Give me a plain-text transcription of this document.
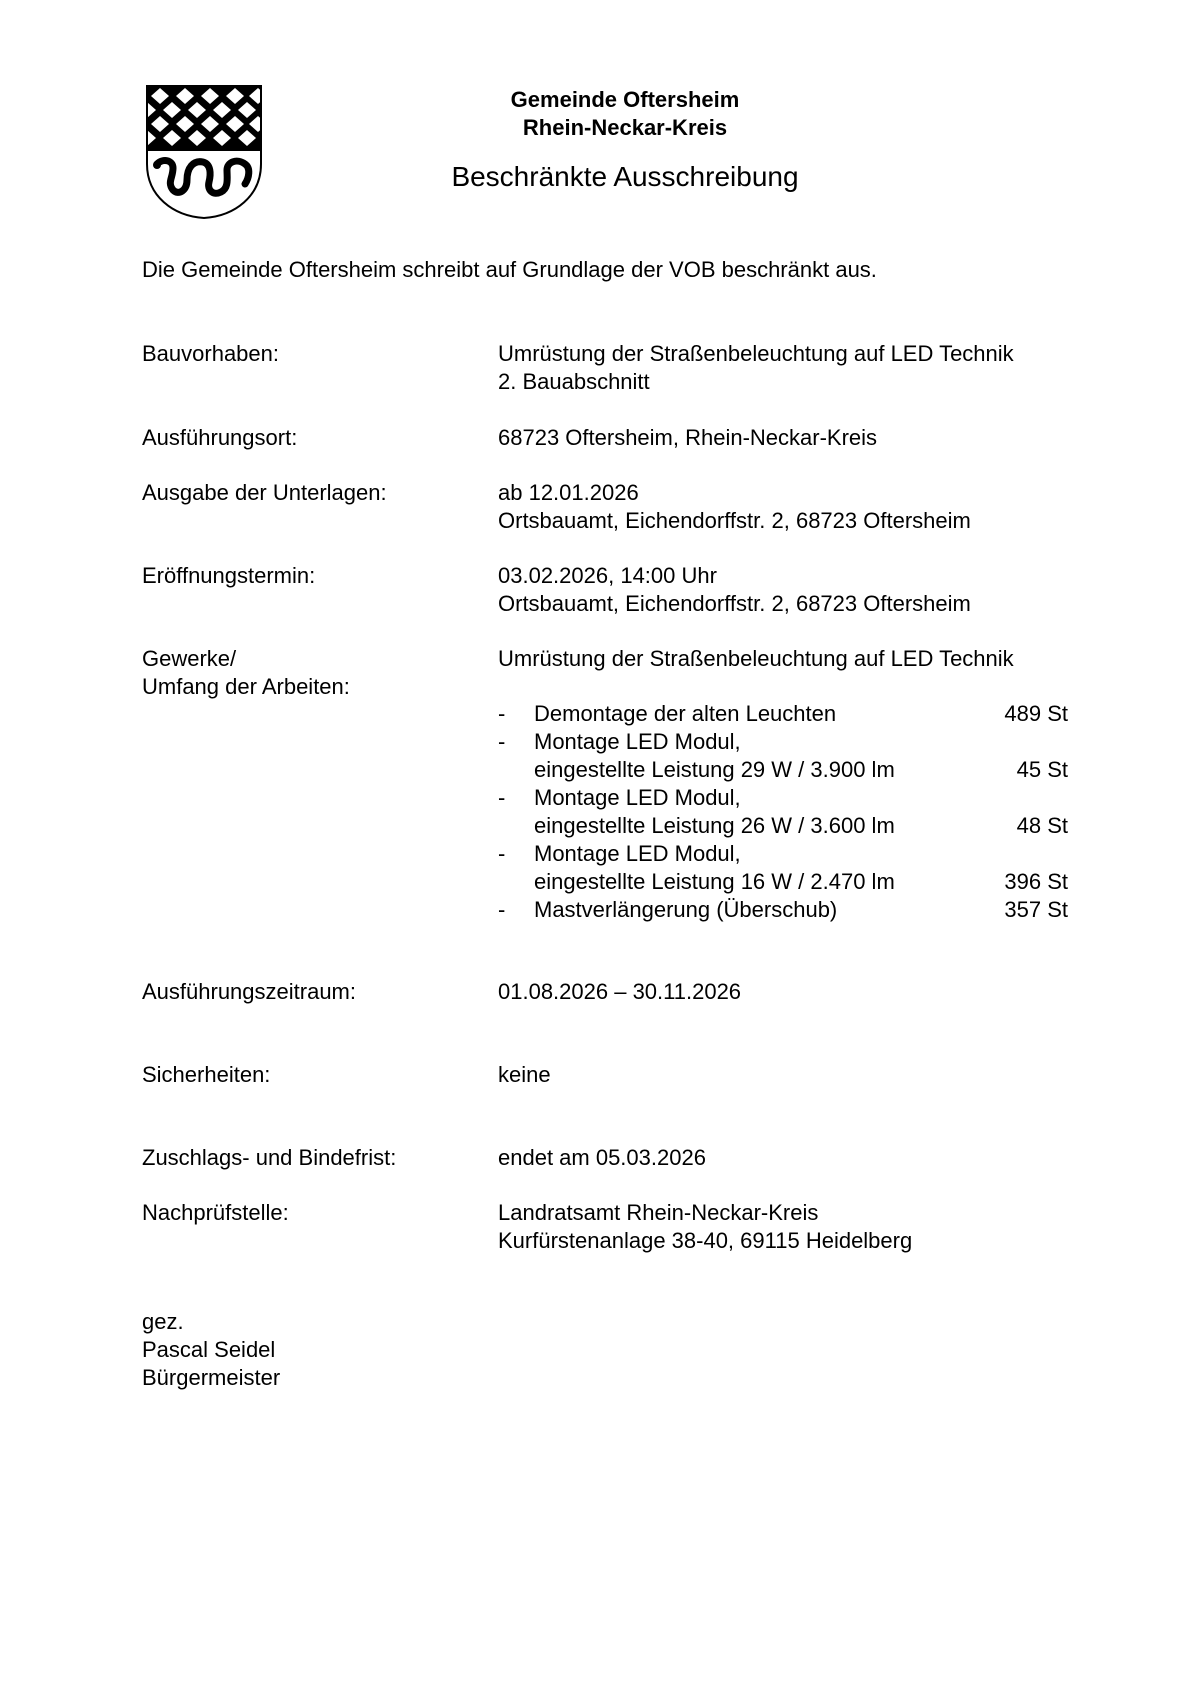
Gemeinde Oftersheim
Rhein-Neckar-Kreis
Beschränkte Ausschreibung
Die Gemeinde Oftersheim schreibt auf Grundlage der VOB beschränkt aus.
Bauvorhaben:	Umrüstung der Straßenbeleuchtung auf LED Technik
2. Bauabschnitt
Ausführungsort:	68723 Oftersheim, Rhein-Neckar-Kreis
Ausgabe der Unterlagen:	ab 12.01.2026
Ortsbauamt, Eichendorffstr. 2, 68723 Oftersheim
Eröffnungstermin:	03.02.2026, 14:00 Uhr
Ortsbauamt, Eichendorffstr. 2, 68723 Oftersheim
Gewerke/
Umfang der Arbeiten:
Umrüstung der Straßenbeleuchtung auf LED Technik
-	Demontage der alten Leuchten	489 St
-	Montage LED Modul,
eingestellte Leistung 29 W / 3.900 lm	45 St
-	Montage LED Modul,
eingestellte Leistung 26 W / 3.600 lm	48 St
-	Montage LED Modul,
eingestellte Leistung 16 W / 2.470 lm	396 St
-	Mastverlängerung (Überschub)	357 St
Ausführungszeitraum:	01.08.2026 – 30.11.2026
Sicherheiten:	keine
Zuschlags- und Bindefrist:	endet am 05.03.2026
Nachprüfstelle:	Landratsamt Rhein-Neckar-Kreis
Kurfürstenanlage 38-40, 69115 Heidelberg
gez.
Pascal Seidel
Bürgermeister
